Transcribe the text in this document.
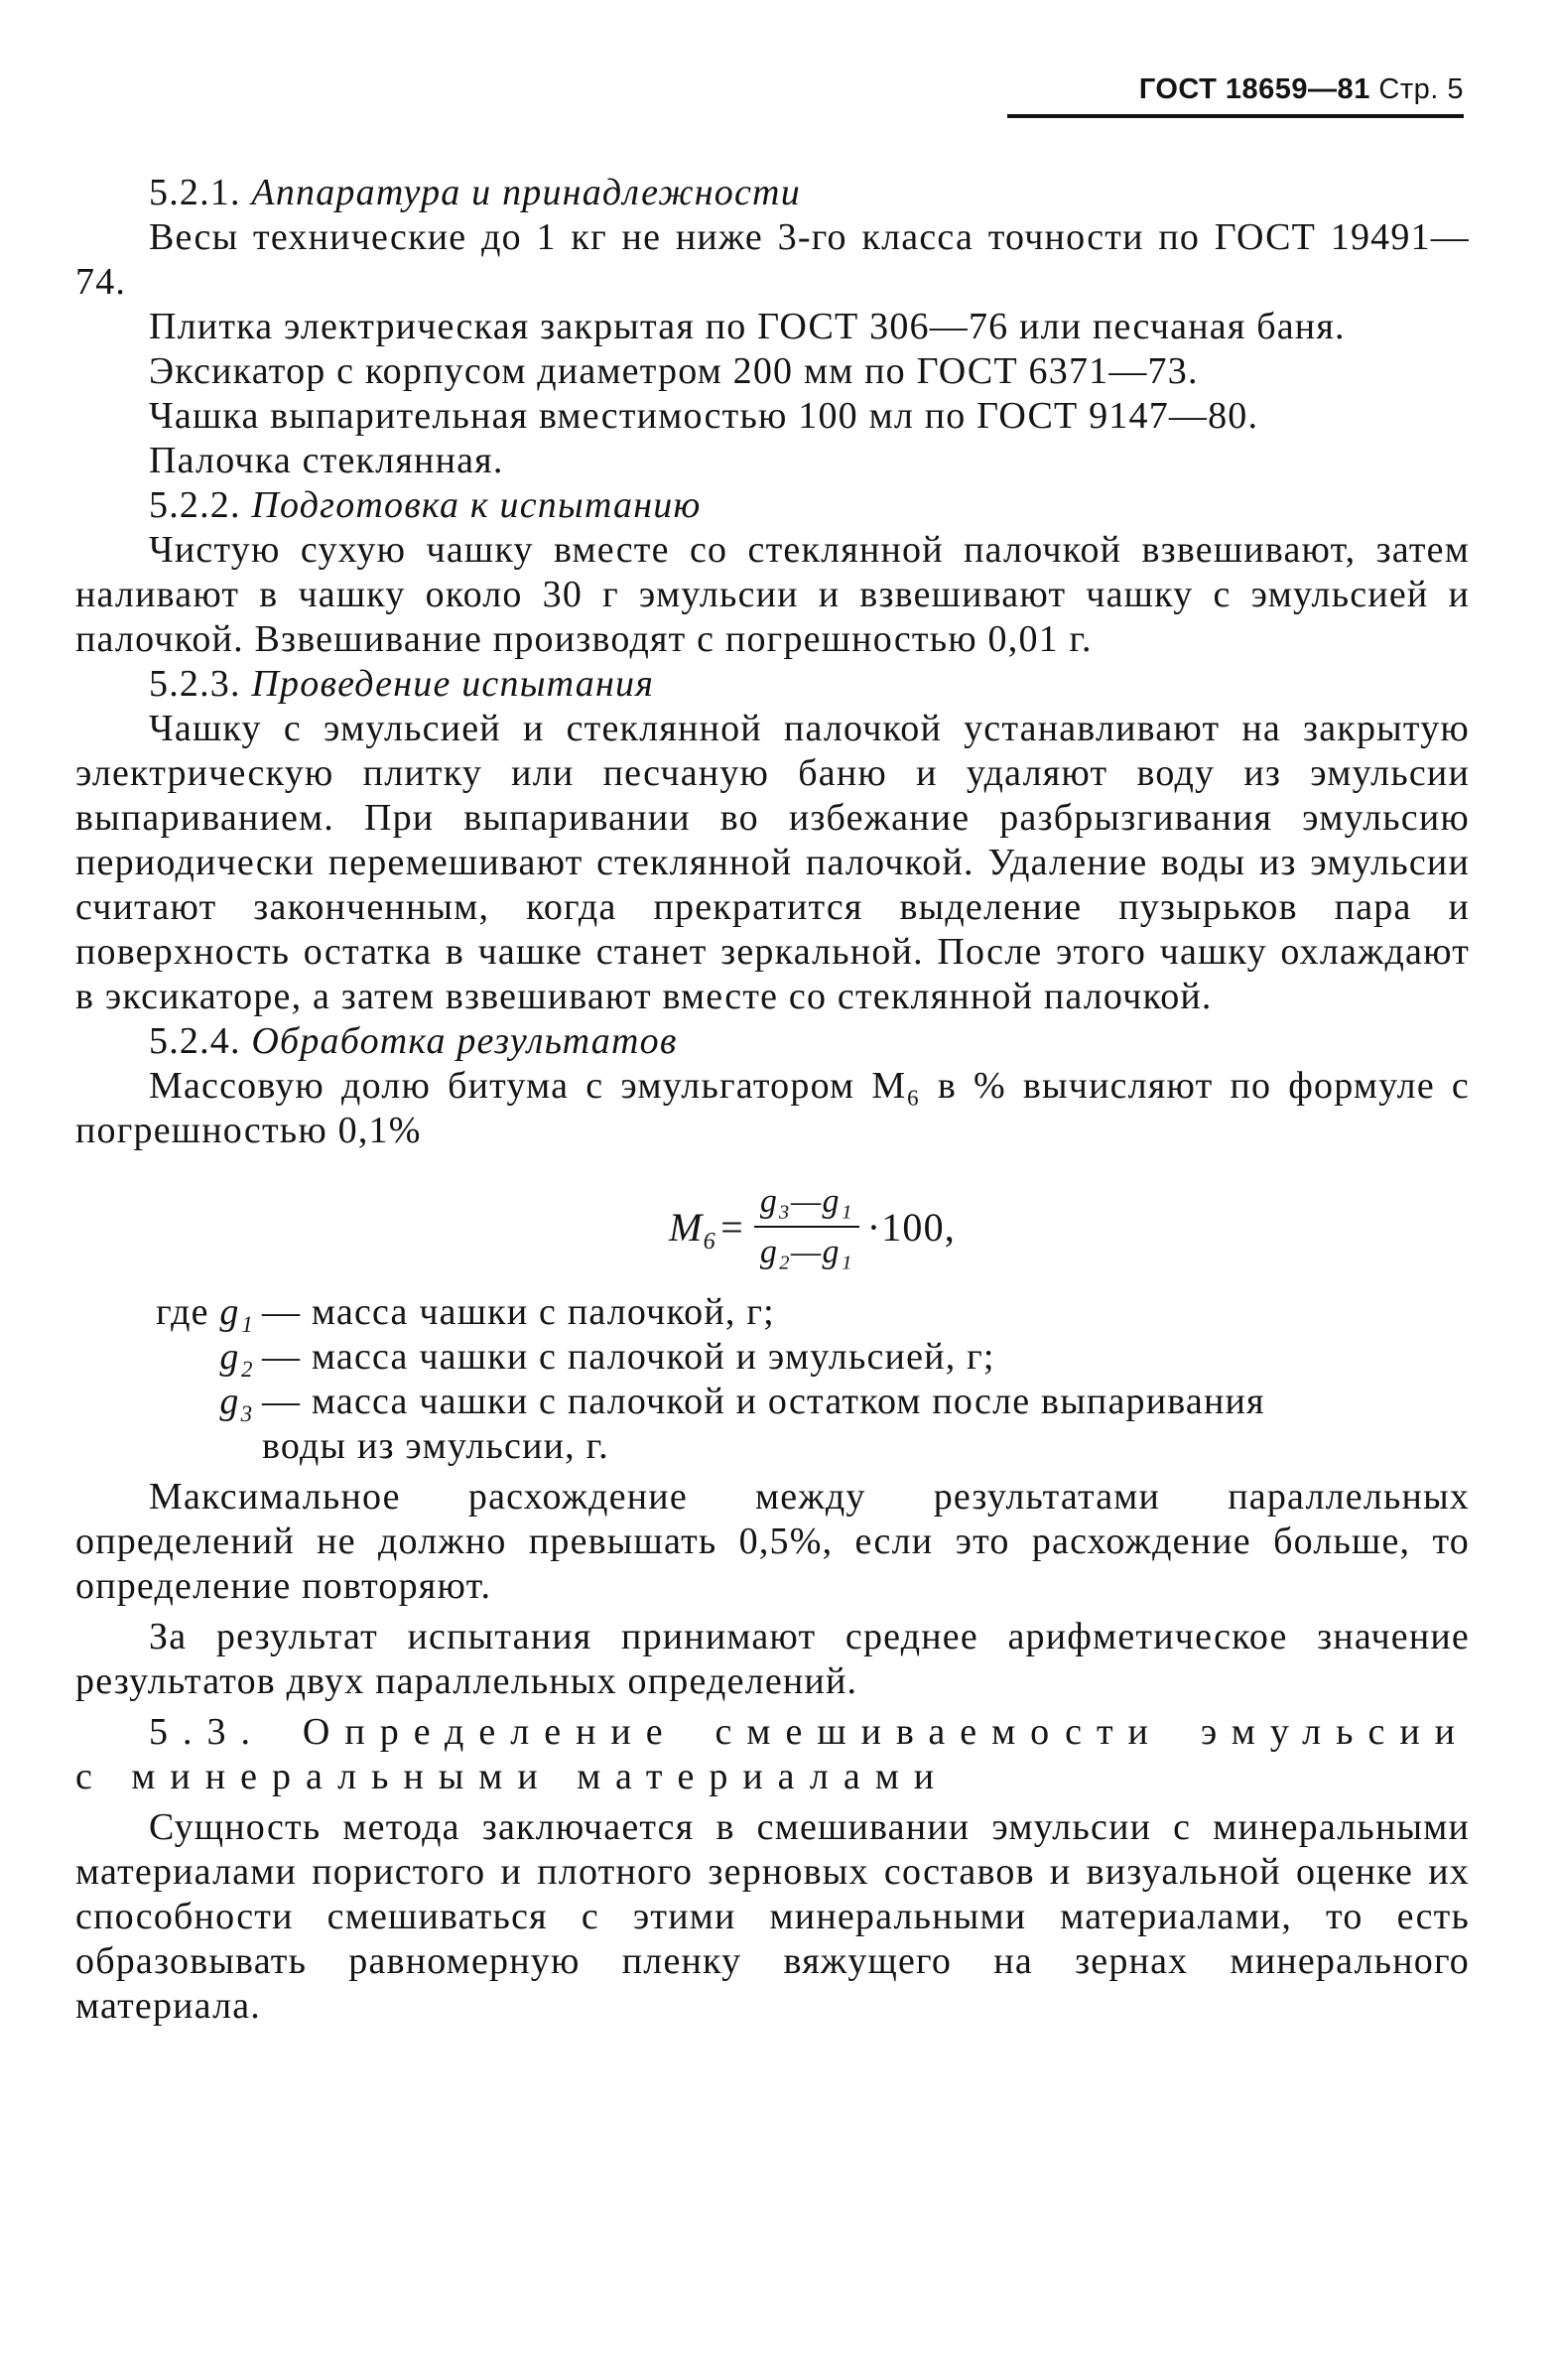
ГОСТ 18659—81 Стр. 5

5.2.1. Аппаратура и принадлежности

Весы технические до 1 кг не ниже 3-го класса точности по ГОСТ 19491—74.

Плитка электрическая закрытая по ГОСТ 306—76 или песчаная баня.

Эксикатор с корпусом диаметром 200 мм по ГОСТ 6371—73.

Чашка выпарительная вместимостью 100 мл по ГОСТ 9147—80.

Палочка стеклянная.

5.2.2. Подготовка к испытанию

Чистую сухую чашку вместе со стеклянной палочкой взвешивают, затем наливают в чашку около 30 г эмульсии и взвешивают чашку с эмульсией и палочкой. Взвешивание производят с погрешностью 0,01 г.

5.2.3. Проведение испытания

Чашку с эмульсией и стеклянной палочкой устанавливают на закрытую электрическую плитку или песчаную баню и удаляют воду из эмульсии выпариванием. При выпаривании во избежание разбрызгивания эмульсию периодически перемешивают стеклянной палочкой. Удаление воды из эмульсии считают законченным, когда прекратится выделение пузырьков пара и поверхность остатка в чашке станет зеркальной. После этого чашку охлаждают в эксикаторе, а затем взвешивают вместе со стеклянной палочкой.

5.2.4. Обработка результатов

Массовую долю битума с эмульгатором М₆ в % вычисляют по формуле с погрешностью 0,1%

$М_6= \frac{\text{g₃—g₁}}{\text{g₂—g₁}} \cdot 100$,
где g₁ — масса чашки с палочкой, г;
g₂ — масса чашки с палочкой и эмульсией, г;
g₃ — масса чашки с палочкой и остатком после выпаривания
воды из эмульсии, г.

Максимальное расхождение между результатами параллельных определений не должно превышать 0,5%, если это расхождение больше, то определение повторяют.

За результат испытания принимают среднее арифметическое значение результатов двух параллельных определений.

5.3. Определение смешиваемости эмульсии с минеральными материалами

Сущность метода заключается в смешивании эмульсии с минеральными материалами пористого и плотного зерновых составов и визуальной оценке их способности смешиваться с этими минеральными материалами, то есть образовывать равномерную пленку вяжущего на зернах минерального материала.
